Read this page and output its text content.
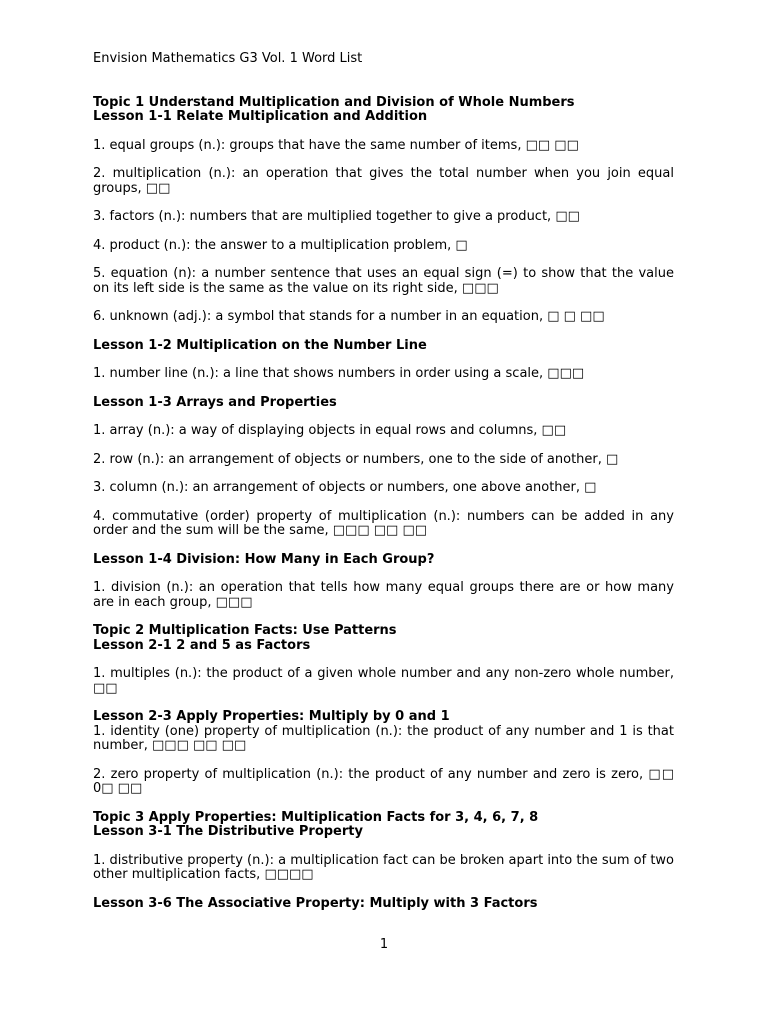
Envision Mathematics G3 Vol. 1 Word List

Topic 1 Understand Multiplication and Division of Whole Numbers

Lesson 1-1 Relate Multiplication and Addition

1. equal groups (n.): groups that have the same number of items, □□ □□

2. multiplication (n.): an operation that gives the total number when you join equal groups, □□

3. factors (n.): numbers that are multiplied together to give a product, □□

4. product (n.): the answer to a multiplication problem, □

5. equation (n): a number sentence that uses an equal sign (=) to show that the value on its left side is the same as the value on its right side, □□□

6. unknown (adj.): a symbol that stands for a number in an equation, □ □ □□

Lesson 1-2 Multiplication on the Number Line

1. number line (n.): a line that shows numbers in order using a scale, □□□

Lesson 1-3 Arrays and Properties

1. array (n.): a way of displaying objects in equal rows and columns, □□

2. row (n.): an arrangement of objects or numbers, one to the side of another, □

3. column (n.): an arrangement of objects or numbers, one above another, □

4. commutative (order) property of multiplication (n.): numbers can be added in any order and the sum will be the same, □□□ □□ □□

Lesson 1-4 Division: How Many in Each Group?

1. division (n.): an operation that tells how many equal groups there are or how many are in each group, □□□

Topic 2 Multiplication Facts: Use Patterns

Lesson 2-1 2 and 5 as Factors

1. multiples (n.): the product of a given whole number and any non-zero whole number, □□

Lesson 2-3 Apply Properties: Multiply by 0 and 1

1. identity (one) property of multiplication (n.): the product of any number and 1 is that number, □□□ □□ □□

2. zero property of multiplication (n.): the product of any number and zero is zero, □□ 0□ □□

Topic 3 Apply Properties: Multiplication Facts for 3, 4, 6, 7, 8

Lesson 3-1 The Distributive Property

1. distributive property (n.): a multiplication fact can be broken apart into the sum of two other multiplication facts, □□□□

Lesson 3-6 The Associative Property: Multiply with 3 Factors

1
